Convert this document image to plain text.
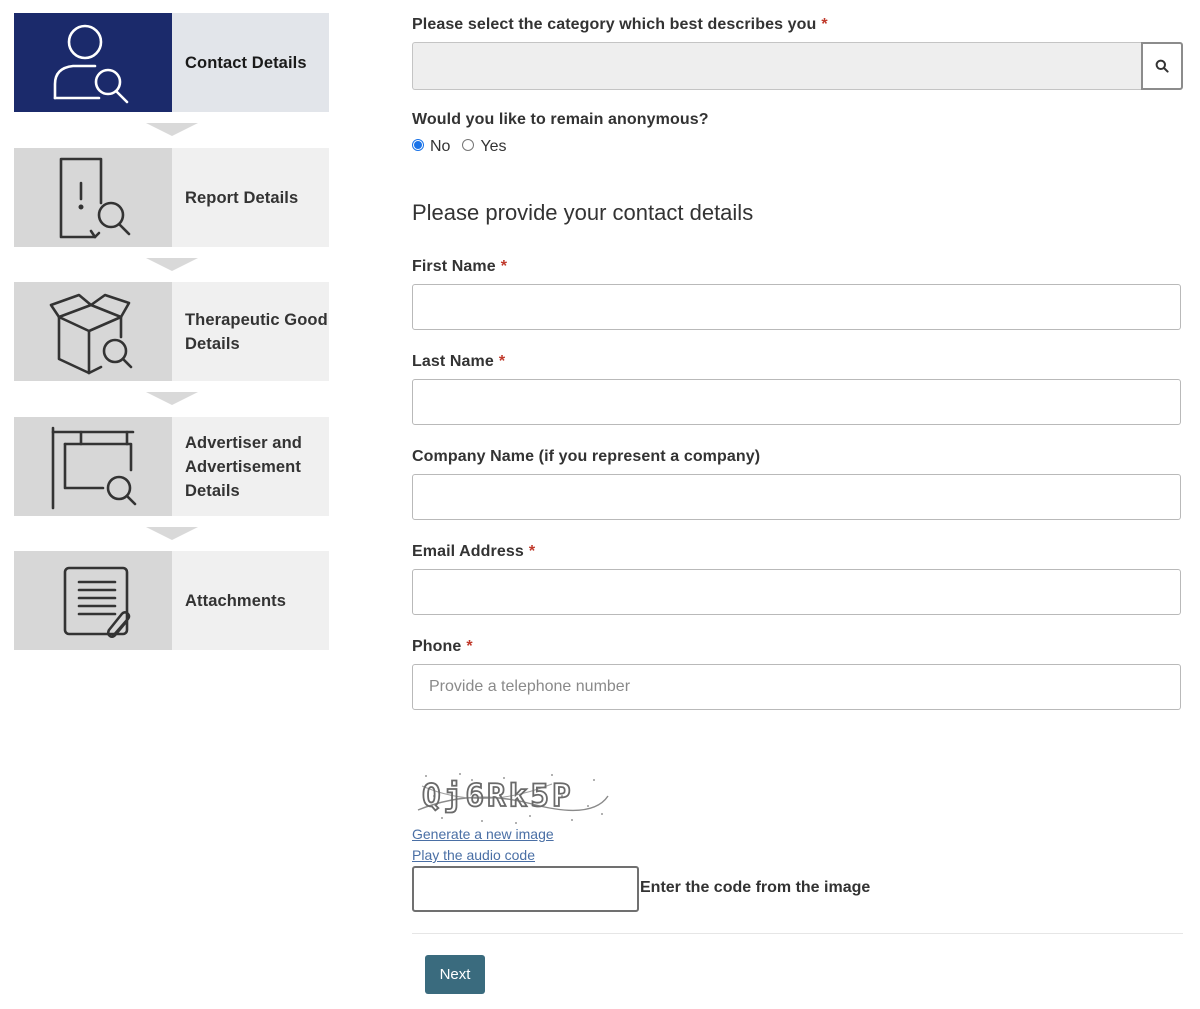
Contact Details
Report Details
Therapeutic Good Details
Advertiser and Advertisement Details
Attachments
Please select the category which best describes you *
Would you like to remain anonymous?
No Yes
Please provide your contact details
First Name *
Last Name *
Company Name (if you represent a company)
Email Address *
Phone *
Provide a telephone number
Qj6Rk5P
Generate a new image
Play the audio code
Enter the code from the image
Next
